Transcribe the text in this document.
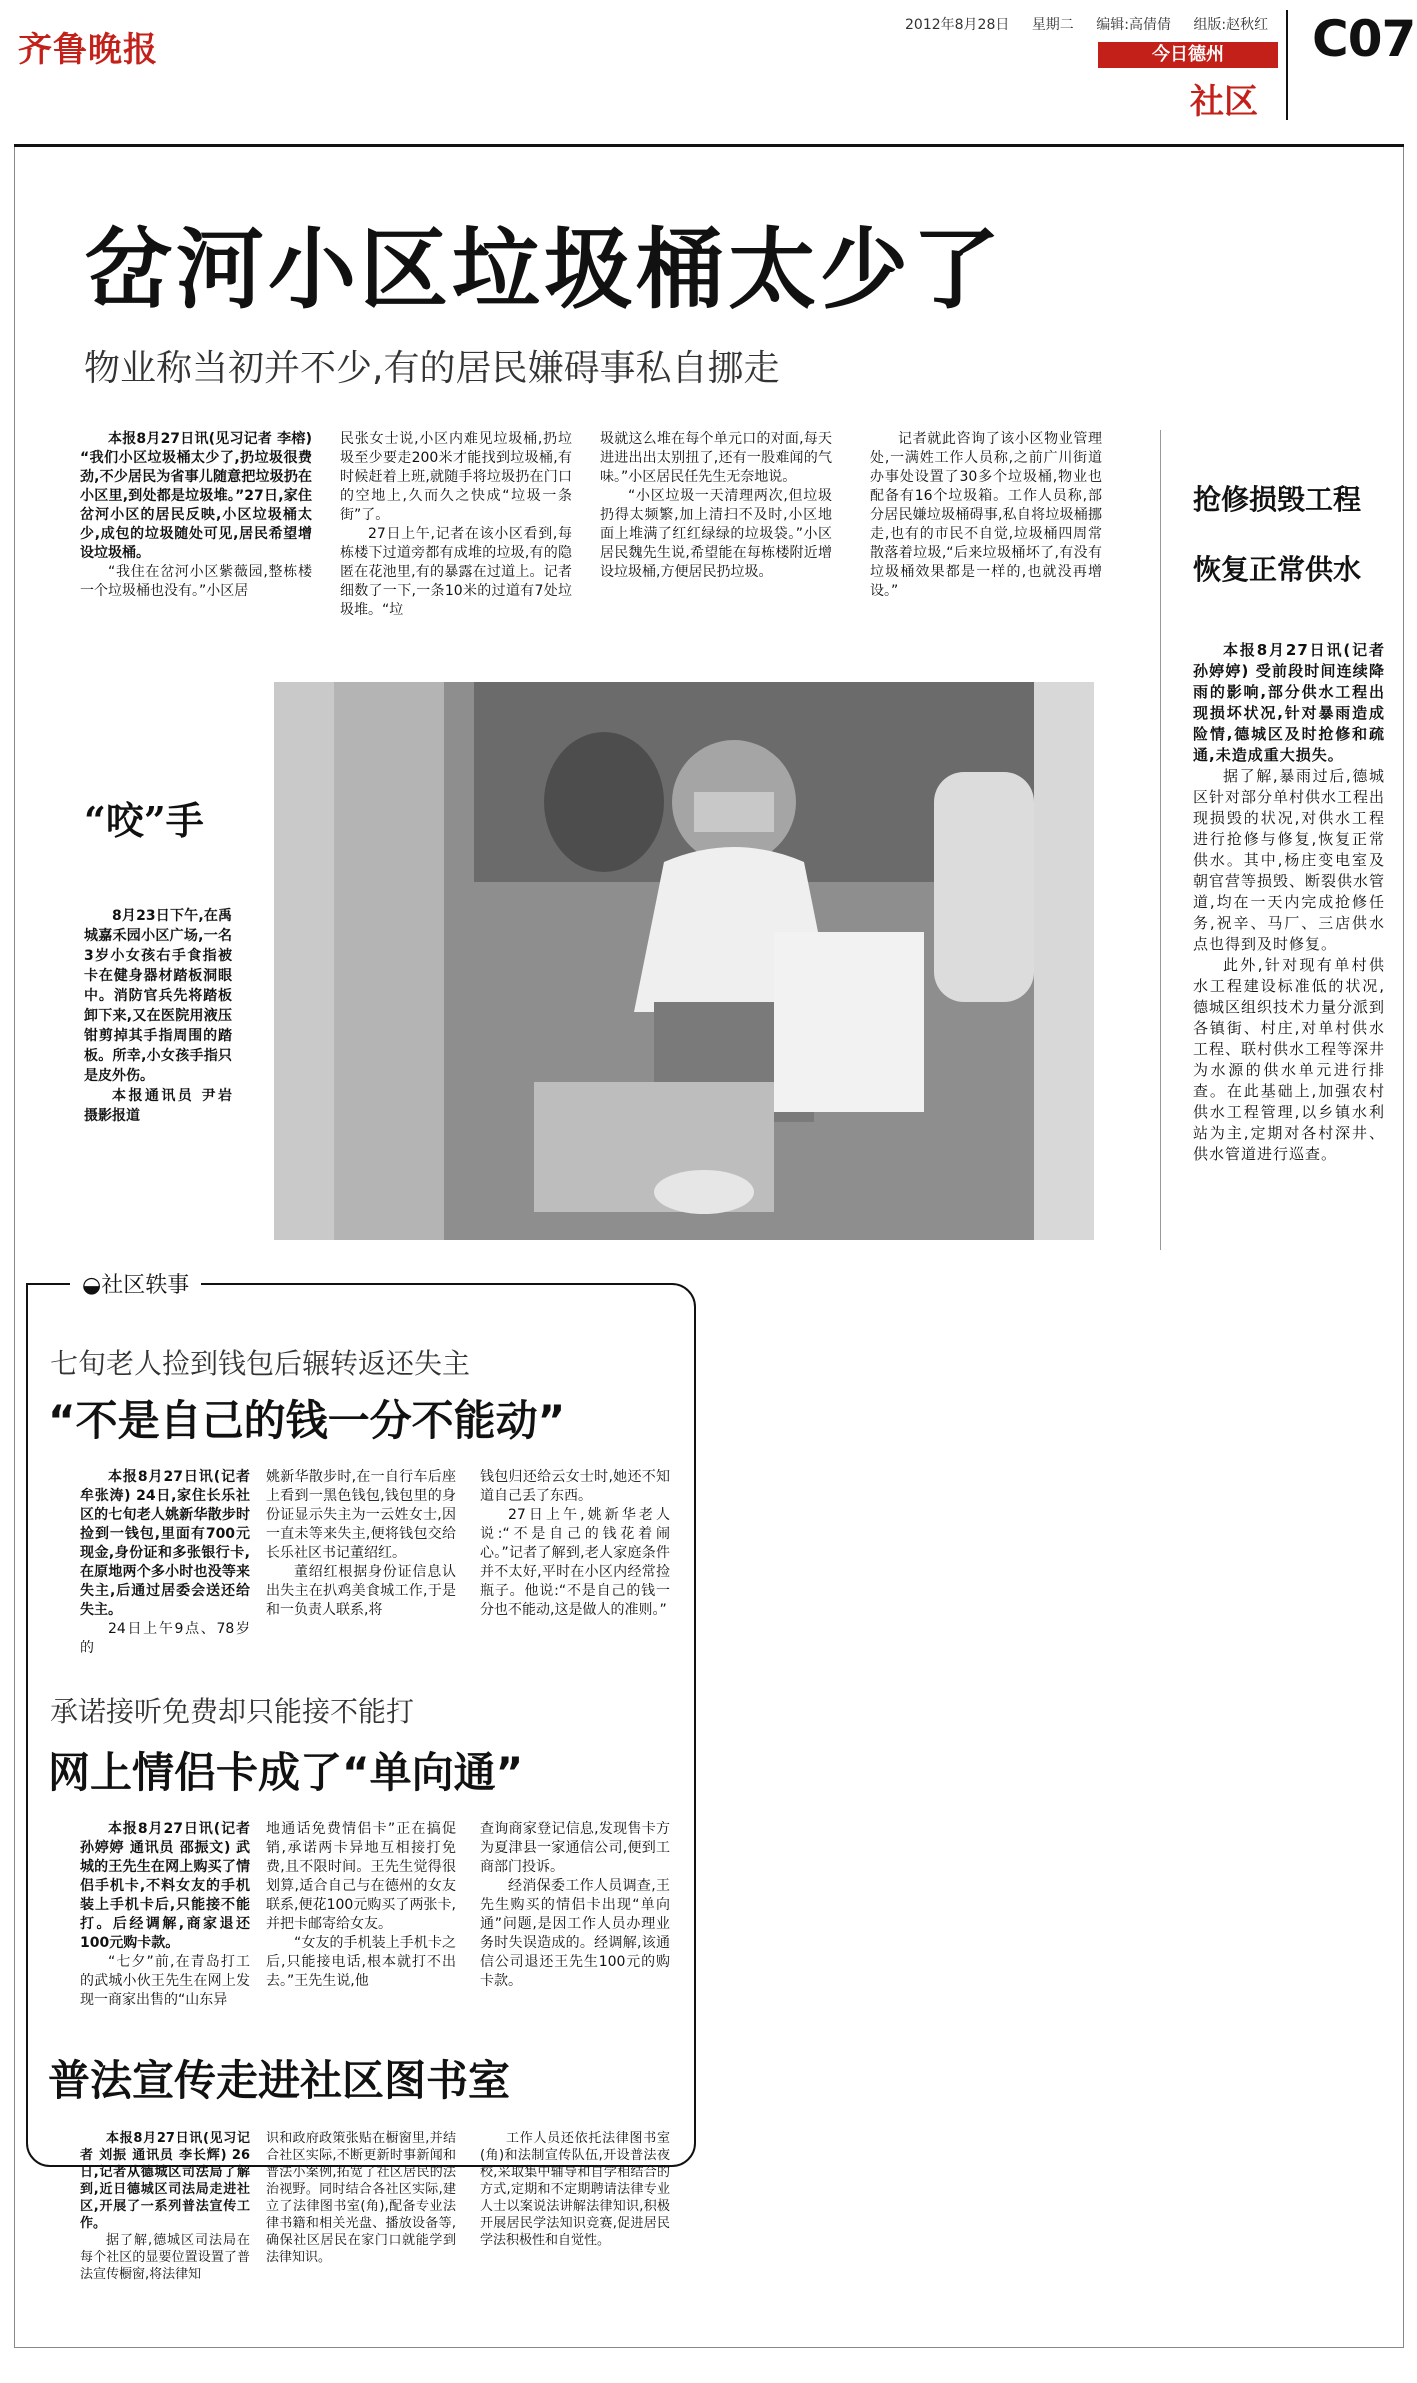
齐鲁晚报
2012年8月28日 星期二 编辑:高倩倩 组版:赵秋红
今日德州
社区
C07
岔河小区垃圾桶太少了
物业称当初并不少,有的居民嫌碍事私自挪走

本报8月27日讯(见习记者 李榕) “我们小区垃圾桶太少了,扔垃圾很费劲,不少居民为省事儿随意把垃圾扔在小区里,到处都是垃圾堆。”27日,家住岔河小区的居民反映,小区垃圾桶太少,成包的垃圾随处可见,居民希望增设垃圾桶。

“我住在岔河小区紫薇园,整栋楼一个垃圾桶也没有。”小区居

民张女士说,小区内难见垃圾桶,扔垃圾至少要走200米才能找到垃圾桶,有时候赶着上班,就随手将垃圾扔在门口的空地上,久而久之快成“垃圾一条街”了。

27日上午,记者在该小区看到,每栋楼下过道旁都有成堆的垃圾,有的隐匿在花池里,有的暴露在过道上。记者细数了一下,一条10米的过道有7处垃圾堆。“垃

圾就这么堆在每个单元口的对面,每天进进出出太别扭了,还有一股难闻的气味。”小区居民任先生无奈地说。

“小区垃圾一天清理两次,但垃圾扔得太频繁,加上清扫不及时,小区地面上堆满了红红绿绿的垃圾袋。”小区居民魏先生说,希望能在每栋楼附近增设垃圾桶,方便居民扔垃圾。

记者就此咨询了该小区物业管理处,一满姓工作人员称,之前广川街道办事处设置了30多个垃圾桶,物业也配备有16个垃圾箱。工作人员称,部分居民嫌垃圾桶碍事,私自将垃圾桶挪走,也有的市民不自觉,垃圾桶四周常散落着垃圾,“后来垃圾桶坏了,有没有垃圾桶效果都是一样的,也就没再增设。”

抢修损毁工程
恢复正常供水

本报8月27日讯(记者 孙婷婷) 受前段时间连续降雨的影响,部分供水工程出现损坏状况,针对暴雨造成险情,德城区及时抢修和疏通,未造成重大损失。

据了解,暴雨过后,德城区针对部分单村供水工程出现损毁的状况,对供水工程进行抢修与修复,恢复正常供水。其中,杨庄变电室及朝官营等损毁、断裂供水管道,均在一天内完成抢修任务,祝辛、马厂、三店供水点也得到及时修复。

此外,针对现有单村供水工程建设标准低的状况,德城区组织技术力量分派到各镇街、村庄,对单村供水工程、联村供水工程等深井为水源的供水单元进行排查。在此基础上,加强农村供水工程管理,以乡镇水利站为主,定期对各村深井、供水管道进行巡查。

“咬”手

8月23日下午,在禹城嘉禾园小区广场,一名3岁小女孩右手食指被卡在健身器材踏板洞眼中。消防官兵先将踏板卸下来,又在医院用液压钳剪掉其手指周围的踏板。所幸,小女孩手指只是皮外伤。

本报通讯员 尹岩 摄影报道

◒社区轶事
七旬老人捡到钱包后辗转返还失主
“不是自己的钱一分不能动”

本报8月27日讯(记者 牟张涛) 24日,家住长乐社区的七旬老人姚新华散步时捡到一钱包,里面有700元现金,身份证和多张银行卡,在原地两个多小时也没等来失主,后通过居委会送还给失主。

24日上午9点、78岁的

姚新华散步时,在一自行车后座上看到一黑色钱包,钱包里的身份证显示失主为一云姓女士,因一直未等来失主,便将钱包交给长乐社区书记董绍红。

董绍红根据身份证信息认出失主在扒鸡美食城工作,于是和一负责人联系,将

钱包归还给云女士时,她还不知道自己丢了东西。

27日上午,姚新华老人说:“不是自己的钱花着闹心。”记者了解到,老人家庭条件并不太好,平时在小区内经常捡瓶子。他说:“不是自己的钱一分也不能动,这是做人的准则。”

承诺接听免费却只能接不能打
网上情侣卡成了“单向通”

本报8月27日讯(记者 孙婷婷 通讯员 邵振文) 武城的王先生在网上购买了情侣手机卡,不料女友的手机装上手机卡后,只能接不能打。后经调解,商家退还100元购卡款。

“七夕”前,在青岛打工的武城小伙王先生在网上发现一商家出售的“山东异

地通话免费情侣卡”正在搞促销,承诺两卡异地互相接打免费,且不限时间。王先生觉得很划算,适合自己与在德州的女友联系,便花100元购买了两张卡,并把卡邮寄给女友。

“女友的手机装上手机卡之后,只能接电话,根本就打不出去。”王先生说,他

查询商家登记信息,发现售卡方为夏津县一家通信公司,便到工商部门投诉。

经消保委工作人员调查,王先生购买的情侣卡出现“单向通”问题,是因工作人员办理业务时失误造成的。经调解,该通信公司退还王先生100元的购卡款。

普法宣传走进社区图书室

本报8月27日讯(见习记者 刘振 通讯员 李长辉) 26日,记者从德城区司法局了解到,近日德城区司法局走进社区,开展了一系列普法宣传工作。

据了解,德城区司法局在每个社区的显要位置设置了普法宣传橱窗,将法律知

识和政府政策张贴在橱窗里,并结合社区实际,不断更新时事新闻和普法小案例,拓宽了社区居民的法治视野。同时结合各社区实际,建立了法律图书室(角),配备专业法律书籍和相关光盘、播放设备等,确保社区居民在家门口就能学到法律知识。

工作人员还依托法律图书室(角)和法制宣传队伍,开设普法夜校,采取集中辅导和自学相结合的方式,定期和不定期聘请法律专业人士以案说法讲解法律知识,积极开展居民学法知识竞赛,促进居民学法积极性和自觉性。
